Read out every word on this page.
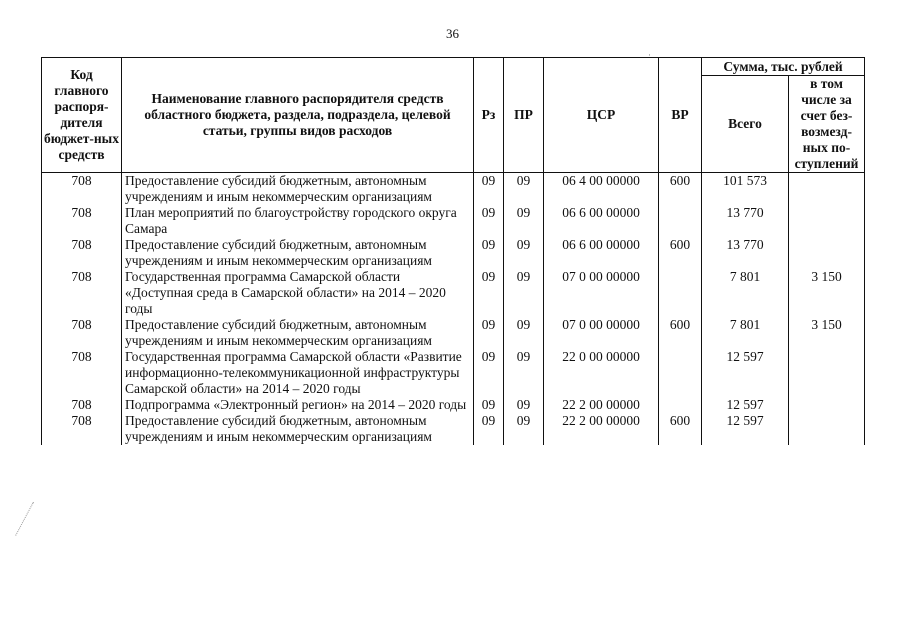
36
·
Код главного распоря-дителя бюджет-ных средств	Наименование главного распорядителя средств областного бюджета, раздела, подраздела, целевой статьи, группы видов расходов	Рз	ПР	ЦСР	ВР	Сумма, тыс. рублей	
						Всего	в том числе за счет без-возмезд-ных по-ступлений
708	Предоставление субсидий бюджетным, автономным учреждениям и иным некоммерческим организациям	09	09	06 4 00 00000	600	101 573	
708	План мероприятий по благоустройству городского округа Самара	09	09	06 6 00 00000		13 770	
708	Предоставление субсидий бюджетным, автономным учреждениям и иным некоммерческим организациям	09	09	06 6 00 00000	600	13 770	
708	Государственная программа Самарской области «Доступная среда в Самарской области» на 2014 – 2020 годы	09	09	07 0 00 00000		7 801	3 150
708	Предоставление субсидий бюджетным, автономным учреждениям и иным некоммерческим организациям	09	09	07 0 00 00000	600	7 801	3 150
708	Государственная программа Самарской области «Развитие информационно-телекоммуникационной инфраструктуры Самарской области» на 2014 – 2020 годы	09	09	22 0 00 00000		12 597	
708	Подпрограмма «Электронный регион» на 2014 – 2020 годы	09	09	22 2 00 00000		12 597	
708	Предоставление субсидий бюджетным, автономным учреждениям и иным некоммерческим организациям	09	09	22 2 00 00000	600	12 597	
